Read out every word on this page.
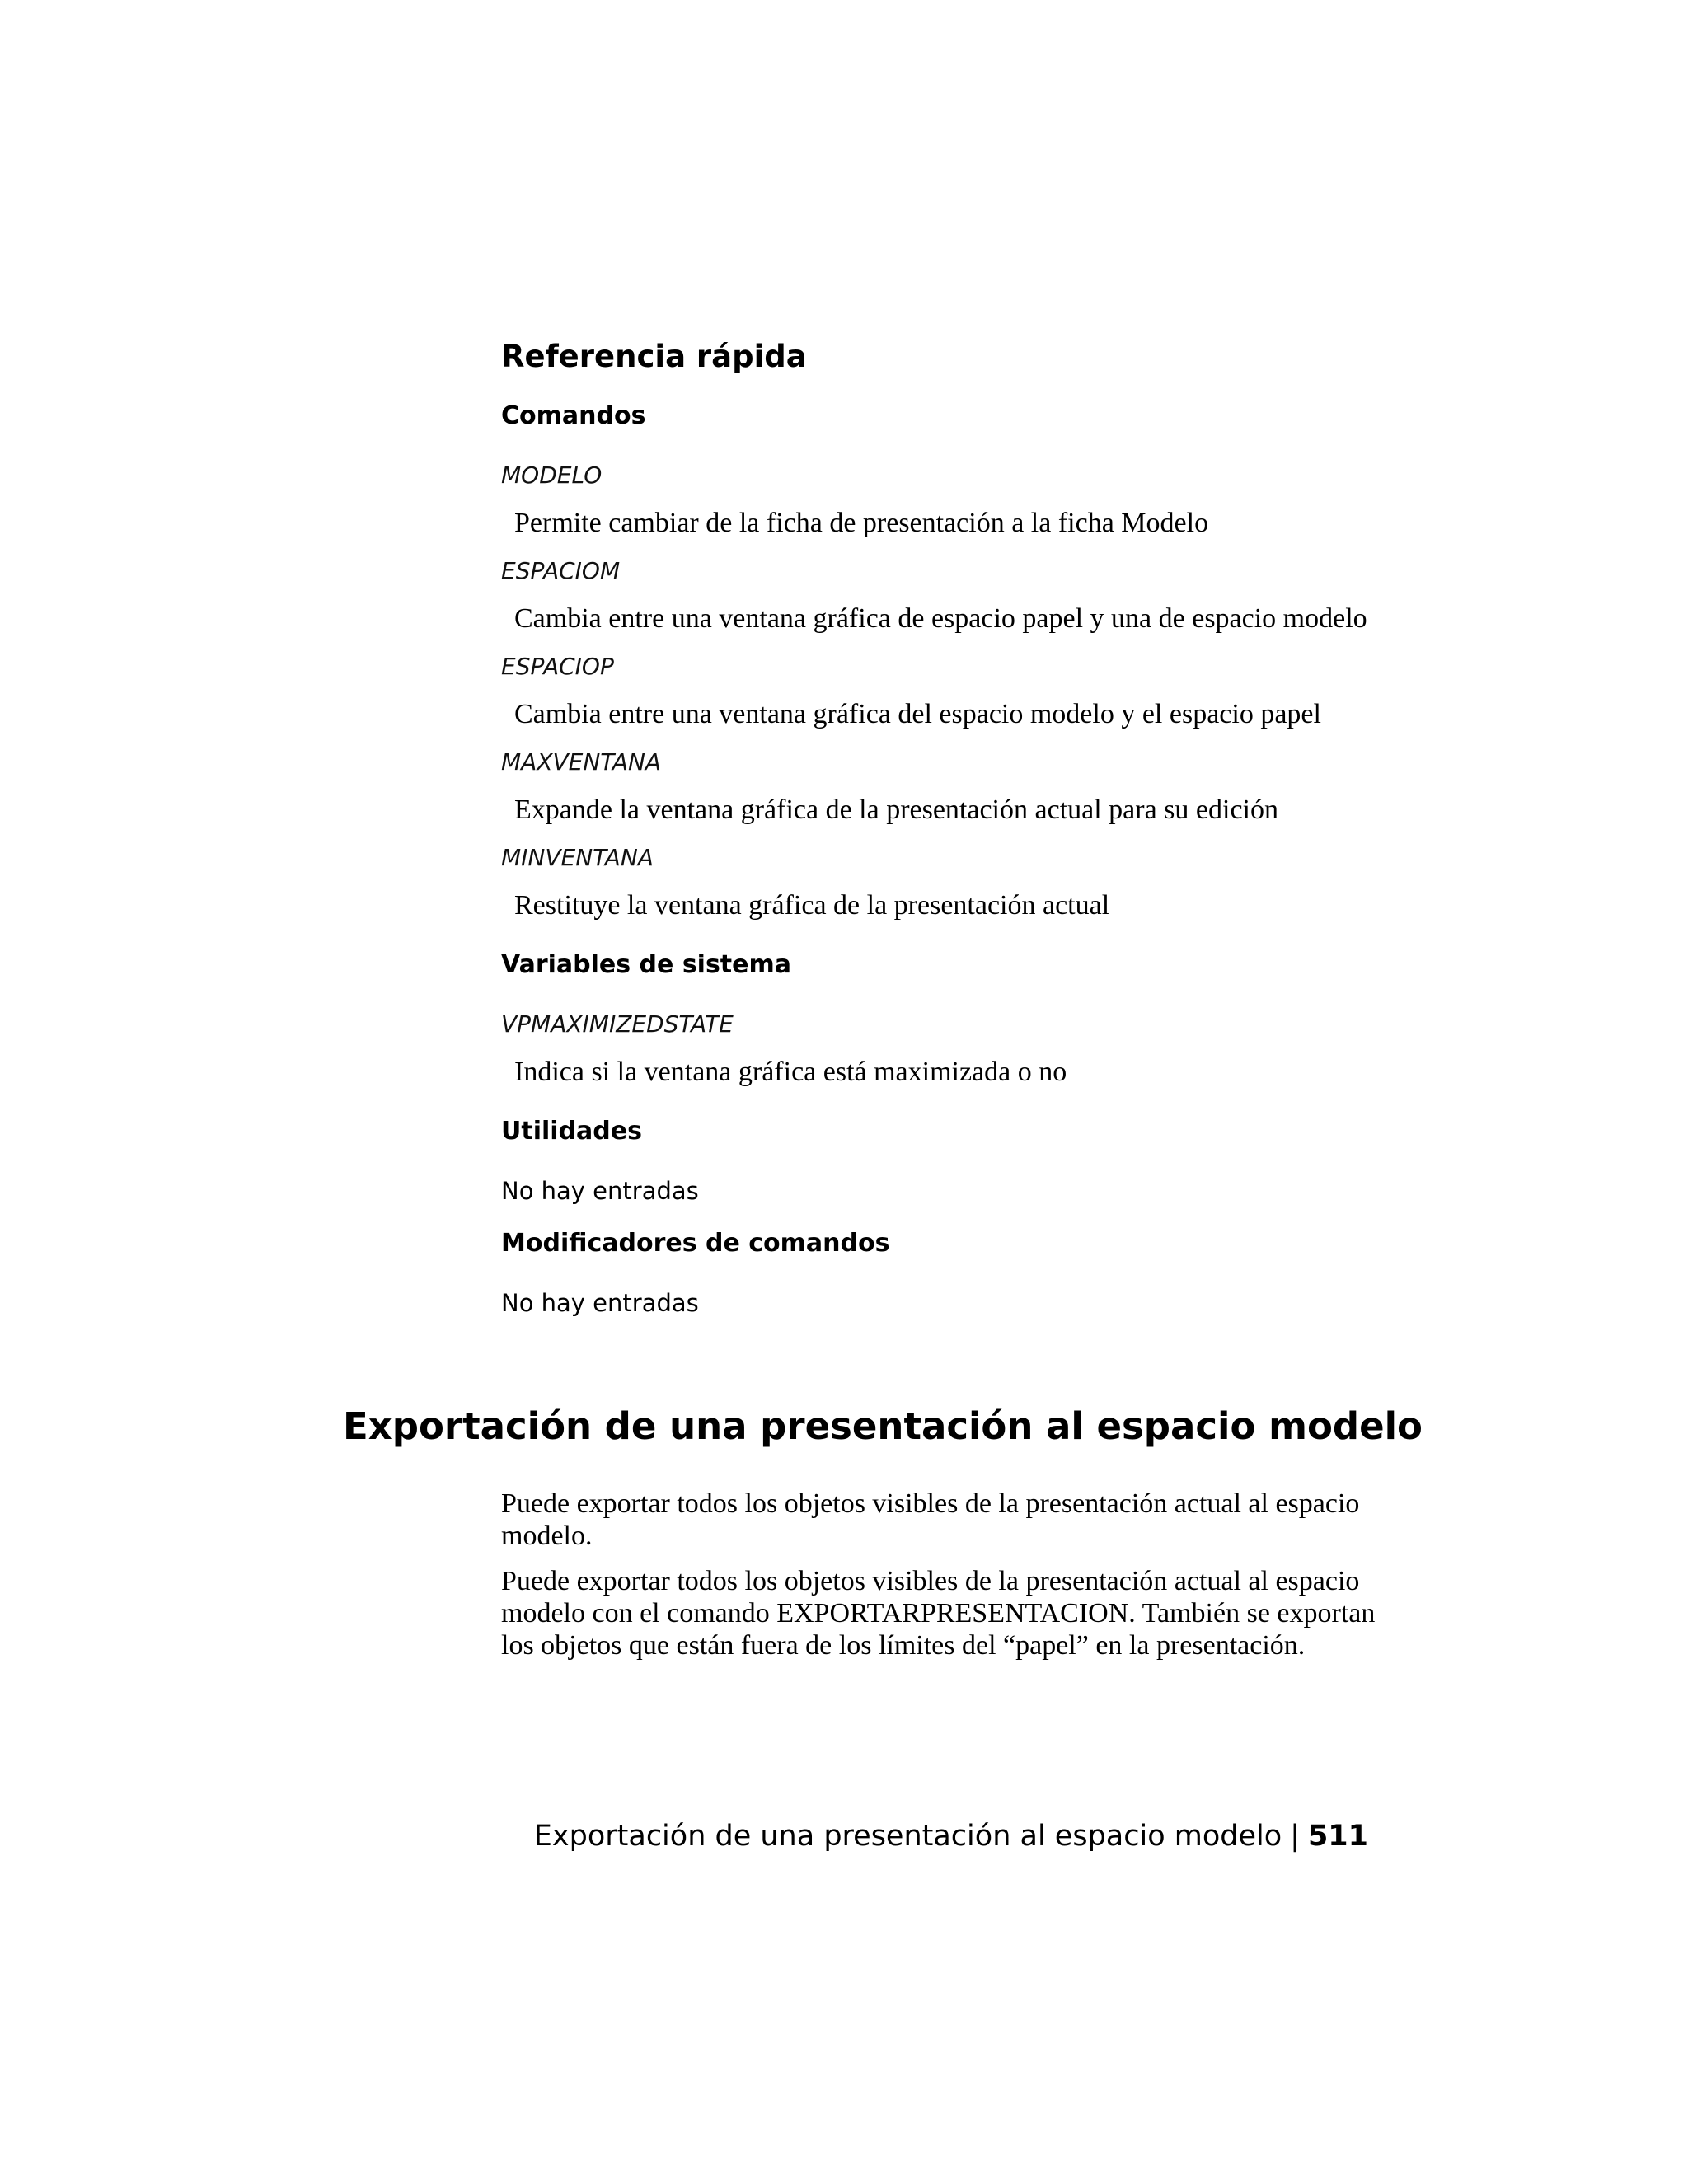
Referencia rápida
Comandos
MODELO
Permite cambiar de la ficha de presentación a la ficha Modelo
ESPACIOM
Cambia entre una ventana gráfica de espacio papel y una de espacio modelo
ESPACIOP
Cambia entre una ventana gráfica del espacio modelo y el espacio papel
MAXVENTANA
Expande la ventana gráfica de la presentación actual para su edición
MINVENTANA
Restituye la ventana gráfica de la presentación actual
Variables de sistema
VPMAXIMIZEDSTATE
Indica si la ventana gráfica está maximizada o no
Utilidades
No hay entradas
Modificadores de comandos
No hay entradas
Exportación de una presentación al espacio modelo

Puede exportar todos los objetos visibles de la presentación actual al espacio modelo.

Puede exportar todos los objetos visibles de la presentación actual al espacio modelo con el comando EXPORTARPRESENTACION. También se exportan los objetos que están fuera de los límites del “papel” en la presentación.

Exportación de una presentación al espacio modelo | 511
